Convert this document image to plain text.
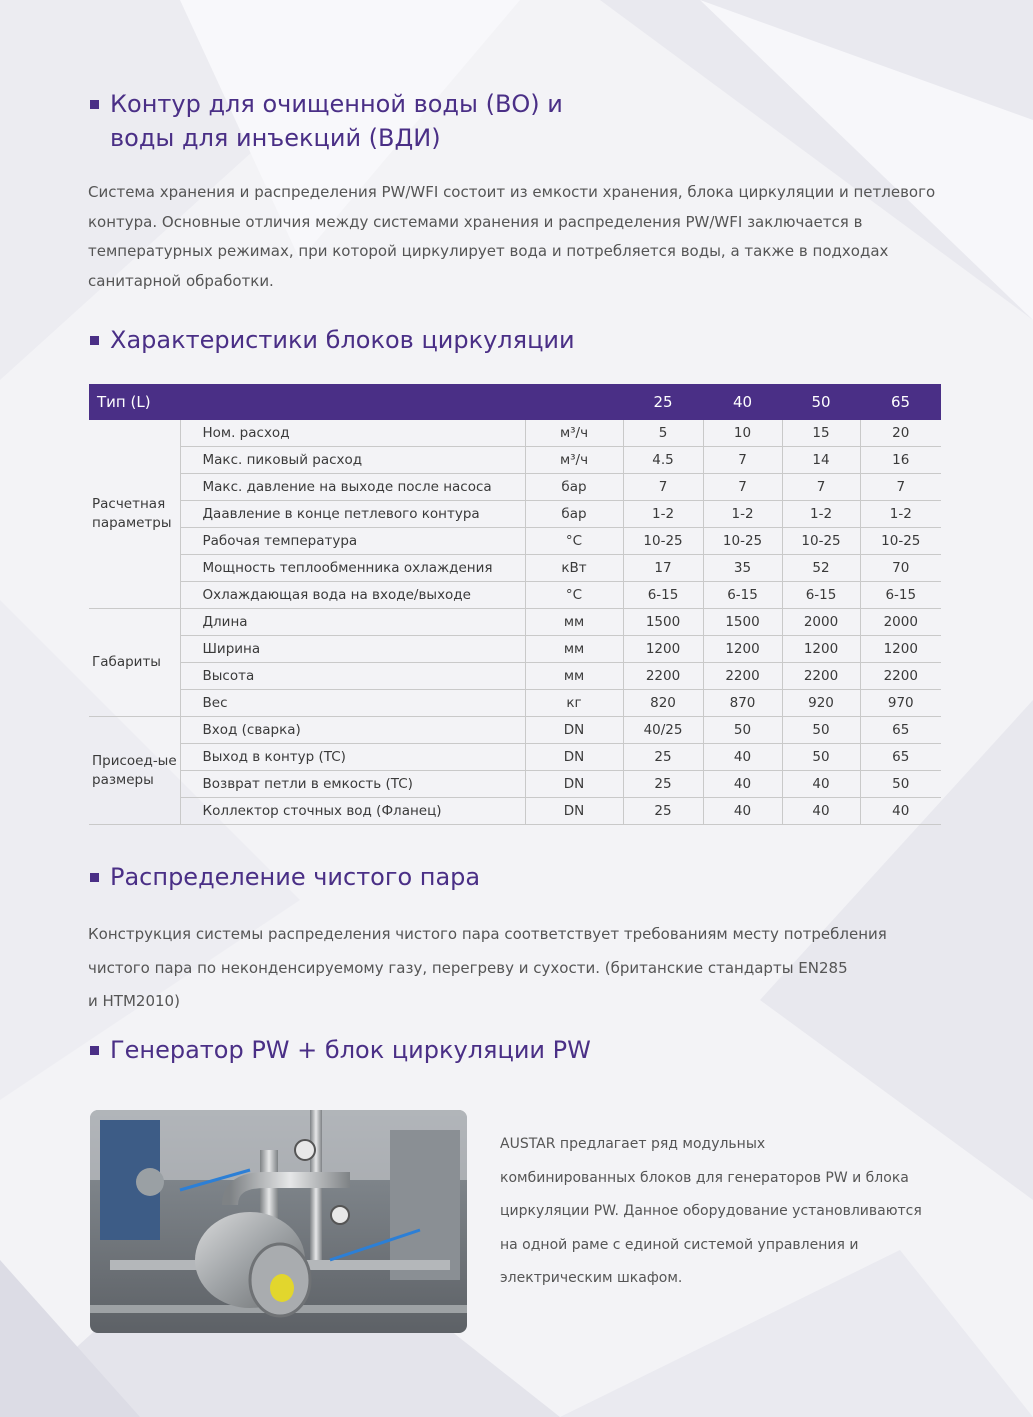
Контур для очищенной воды (ВО) и
воды для инъекций (ВДИ)
Система хранения и распределения PW/WFI состоит из емкости хранения, блока циркуляции и петлевого
контура. Основные отличия между системами хранения и распределения PW/WFI заключается в
температурных режимах, при которой циркулирует вода и потребляется воды, а также в подходах
санитарной обработки.
Характеристики блоков циркуляции
Тип (L)			25	40	50	65

Расчетная
параметры	Ном. расход	м³/ч	5	10	15	20
	Макс. пиковый расход	м³/ч	4.5	7	14	16
	Макс. давление на выходе после насоса	бар	7	7	7	7
	Даавление в конце петлевого контура	бар	1-2	1-2	1-2	1-2
	Рабочая температура	°C	10-25	10-25	10-25	10-25
	Мощность теплообменника охлаждения	кВт	17	35	52	70
	Охлаждающая вода на входе/выходе	°C	6-15	6-15	6-15	6-15

Габариты	Длина	мм	1500	1500	2000	2000
	Ширина	мм	1200	1200	1200	1200
	Высота	мм	2200	2200	2200	2200
	Вес	кг	820	870	920	970

Присоед-ые
размеры	Вход (сварка)	DN	40/25	50	50	65
	Выход в контур (TC)	DN	25	40	50	65
	Возврат петли в емкость (TC)	DN	25	40	40	50
	Коллектор сточных вод (Фланец)	DN	25	40	40	40
Распределение чистого пара
Конструкция системы распределения чистого пара соответствует требованиям месту потребления
чистого пара по неконденсируемому газу, перегреву и сухости. (британские стандарты EN285
и HTM2010)
Генератор PW + блок циркуляции PW
AUSTAR предлагает ряд модульных
комбинированных блоков для генераторов PW и блока
циркуляции PW. Данное оборудование установливаются
на одной раме с единой системой управления и
электрическим шкафом.
